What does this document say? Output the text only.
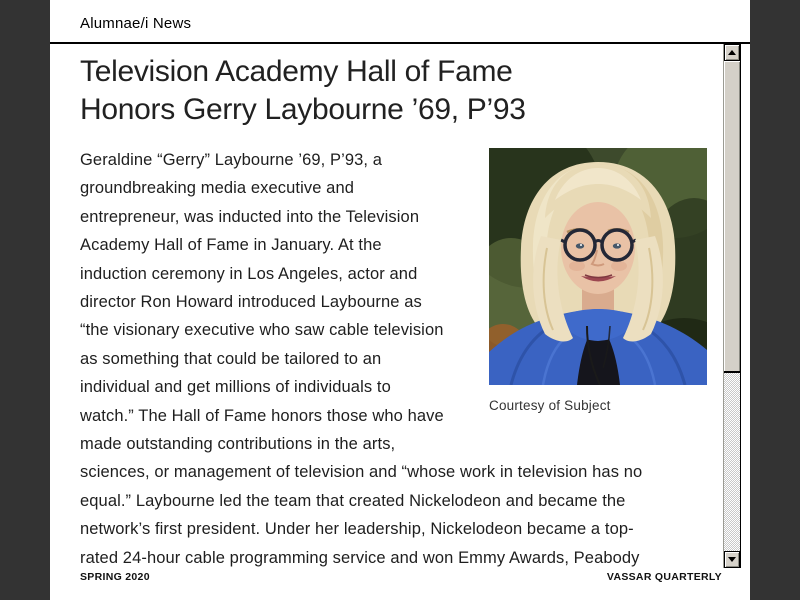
Alumnae/i News
Television Academy Hall of Fame
Honors Gerry Laybourne ’69, P’93
Geraldine “Gerry” Laybourne ’69, P’93, a
groundbreaking media executive and
entrepreneur, was inducted into the Television
Academy Hall of Fame in January. At the
induction ceremony in Los Angeles, actor and
director Ron Howard introduced Laybourne as
“the visionary executive who saw cable television
as something that could be tailored to an
individual and get millions of individuals to
watch.” The Hall of Fame honors those who have
made outstanding contributions in the arts,
sciences, or management of television and “whose work in television has no
equal.” Laybourne led the team that created Nickelodeon and became the
network’s first president. Under her leadership, Nickelodeon became a top-
rated 24-hour cable programming service and won Emmy Awards, Peabody
Courtesy of Subject
SPRING 2020	VASSAR QUARTERLY
